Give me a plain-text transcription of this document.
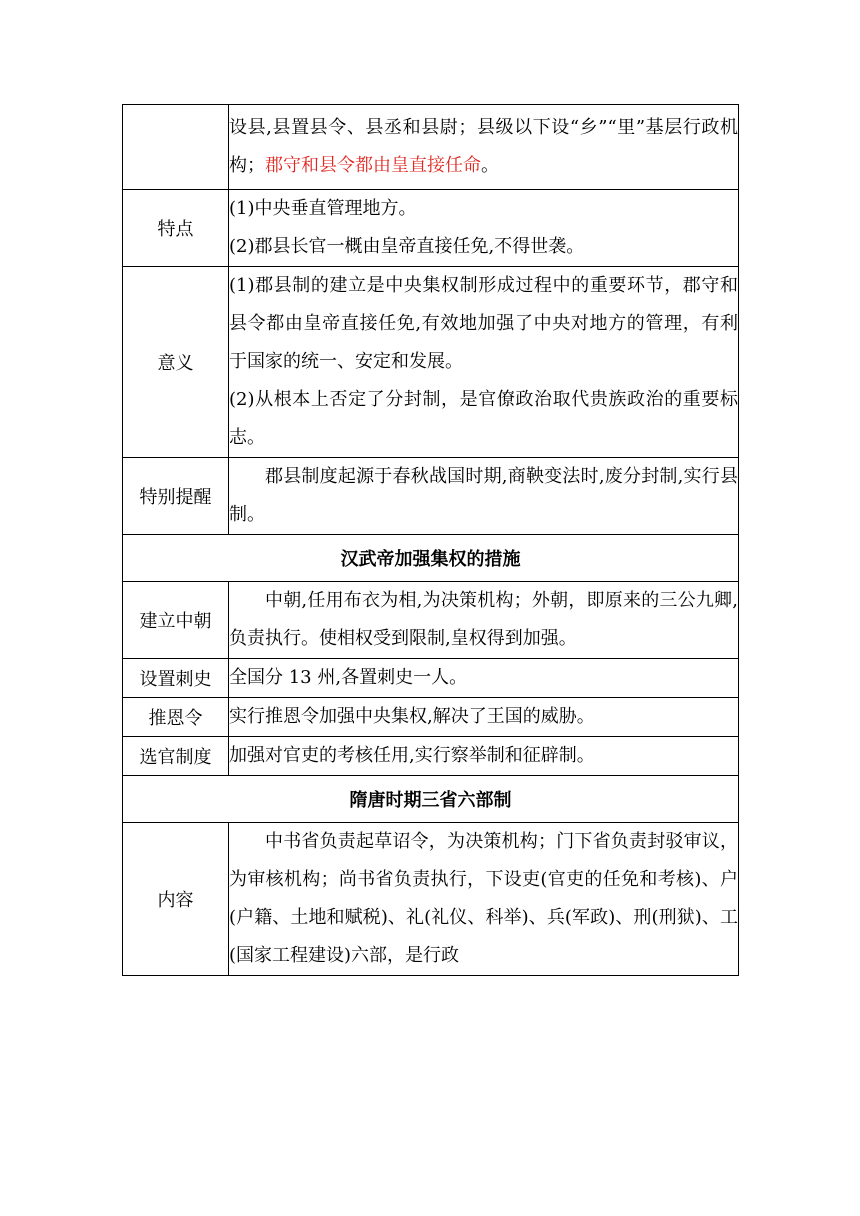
	设县,县置县令、县丞和县尉；县级以下设“乡”“里”基层行政机构；郡守和县令都由皇直接任命。

特点	(1)中央垂直管理地方。

(2)郡县长官一概由皇帝直接任免,不得世袭。

意义	(1)郡县制的建立是中央集权制形成过程中的重要环节，郡守和县令都由皇帝直接任免,有效地加强了中央对地方的管理，有利于国家的统一、安定和发展。

(2)从根本上否定了分封制，是官僚政治取代贵族政治的重要标志。

特别提醒	郡县制度起源于春秋战国时期,商鞅变法时,废分封制,实行县制。

汉武帝加强集权的措施	
建立中朝	中朝,任用布衣为相,为决策机构；外朝，即原来的三公九卿,负责执行。使相权受到限制,皇权得到加强。

设置刺史	全国分 13 州,各置刺史一人。

推恩令	实行推恩令加强中央集权,解决了王国的威胁。

选官制度	加强对官吏的考核任用,实行察举制和征辟制。

隋唐时期三省六部制	
内容	中书省负责起草诏令，为决策机构；门下省负责封驳审议，为审核机构；尚书省负责执行，下设吏(官吏的任免和考核)、户(户籍、土地和赋税)、礼(礼仪、科举)、兵(军政)、刑(刑狱)、工(国家工程建设)六部，是行政
